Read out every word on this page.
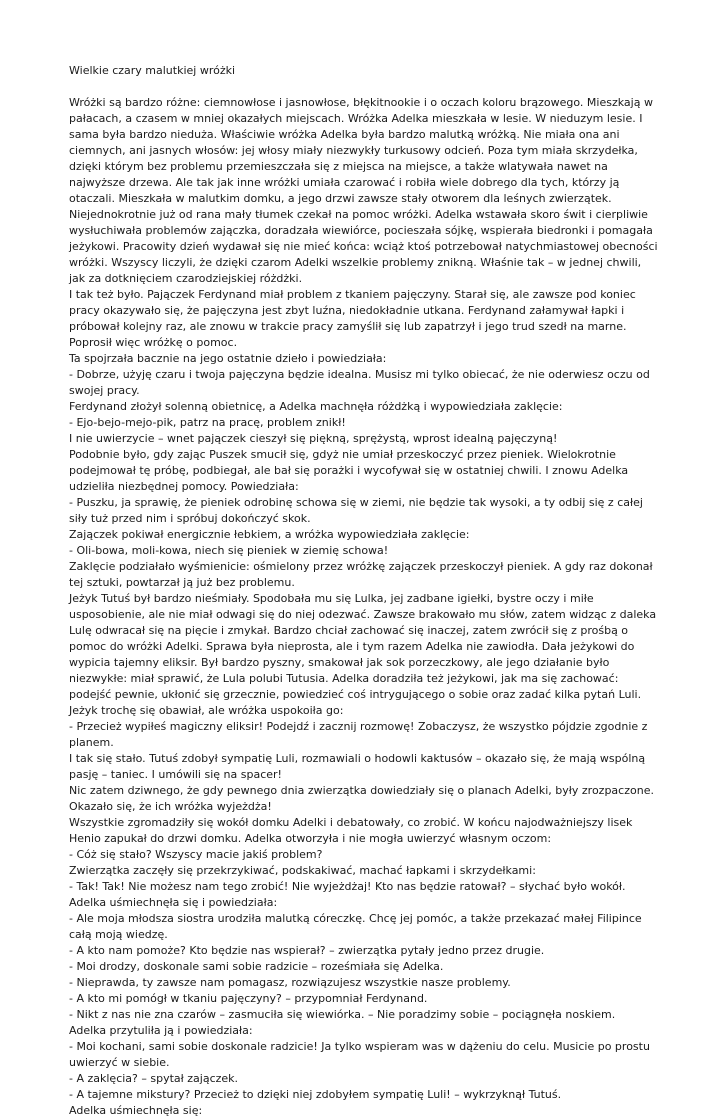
Wielkie czary malutkiej wróżki

Wróżki są bardzo różne: ciemnowłose i jasnowłose, błękitnookie i o oczach koloru brązowego. Mieszkają w pałacach, a czasem w mniej okazałych miejscach. Wróżka Adelka mieszkała w lesie. W nieduzym lesie. I sama była bardzo nieduża. Właściwie wróżka Adelka była bardzo malutką wróżką. Nie miała ona ani ciemnych, ani jasnych włosów: jej włosy miały niezwykły turkusowy odcień. Poza tym miała skrzydełka, dzięki którym bez problemu przemieszczała się z miejsca na miejsce, a także wlatywała nawet na najwyższe drzewa. Ale tak jak inne wróżki umiała czarować i robiła wiele dobrego dla tych, którzy ją otaczali. Mieszkała w malutkim domku, a jego drzwi zawsze stały otworem dla leśnych zwierzątek. Niejednokrotnie już od rana mały tłumek czekał na pomoc wróżki. Adelka wstawała skoro świt i cierpliwie wysłuchiwała problemów zajączka, doradzała wiewiórce, pocieszała sójkę, wspierała biedronki i pomagała jeżykowi. Pracowity dzień wydawał się nie mieć końca: wciąż ktoś potrzebował natychmiastowej obecności wróżki. Wszyscy liczyli, że dzięki czarom Adelki wszelkie problemy znikną. Właśnie tak – w jednej chwili, jak za dotknięciem czarodziejskiej różdżki.

I tak też było. Pajączek Ferdynand miał problem z tkaniem pajęczyny. Starał się, ale zawsze pod koniec pracy okazywało się, że pajęczyna jest zbyt luźna, niedokładnie utkana. Ferdynand załamywał łapki i próbował kolejny raz, ale znowu w trakcie pracy zamyślił się lub zapatrzył i jego trud szedł na marne. Poprosił więc wróżkę o pomoc.

Ta spojrzała bacznie na jego ostatnie dzieło i powiedziała:

- Dobrze, użyję czaru i twoja pajęczyna będzie idealna. Musisz mi tylko obiecać, że nie oderwiesz oczu od swojej pracy.

Ferdynand złożył solenną obietnicę, a Adelka machnęła różdżką i wypowiedziała zaklęcie:

- Ejo-bejo-mejo-pik, patrz na pracę, problem znikł!

I nie uwierzycie – wnet pajączek cieszył się piękną, sprężystą, wprost idealną pajęczyną!

Podobnie było, gdy zając Puszek smucił się, gdyż nie umiał przeskoczyć przez pieniek. Wielokrotnie podejmował tę próbę, podbiegał, ale bał się porażki i wycofywał się w ostatniej chwili. I znowu Adelka udzieliła niezbędnej pomocy. Powiedziała:

- Puszku, ja sprawię, że pieniek odrobinę schowa się w ziemi, nie będzie tak wysoki, a ty odbij się z całej siły tuż przed nim i spróbuj dokończyć skok.

Zajączek pokiwał energicznie łebkiem, a wróżka wypowiedziała zaklęcie:

- Oli-bowa, moli-kowa, niech się pieniek w ziemię schowa!

Zaklęcie podziałało wyśmienicie: ośmielony przez wróżkę zajączek przeskoczył pieniek. A gdy raz dokonał tej sztuki, powtarzał ją już bez problemu.

Jeżyk Tutuś był bardzo nieśmiały. Spodobała mu się Lulka, jej zadbane igiełki, bystre oczy i miłe usposobienie, ale nie miał odwagi się do niej odezwać. Zawsze brakowało mu słów, zatem widząc z daleka Lulę odwracał się na pięcie i zmykał. Bardzo chciał zachować się inaczej, zatem zwrócił się z prośbą o pomoc do wróżki Adelki. Sprawa była nieprosta, ale i tym razem Adelka nie zawiodła. Dała jeżykowi do wypicia tajemny eliksir. Był bardzo pyszny, smakował jak sok porzeczkowy, ale jego działanie było niezwykłe: miał sprawić, że Lula polubi Tutusia. Adelka doradziła też jeżykowi, jak ma się zachować: podejść pewnie, ukłonić się grzecznie, powiedzieć coś intrygującego o sobie oraz zadać kilka pytań Luli. Jeżyk trochę się obawiał, ale wróżka uspokoiła go:

- Przecież wypiłeś magiczny eliksir! Podejdź i zacznij rozmowę! Zobaczysz, że wszystko pójdzie zgodnie z planem.

I tak się stało. Tutuś zdobył sympatię Luli, rozmawiali o hodowli kaktusów – okazało się, że mają wspólną pasję – taniec. I umówili się na spacer!

Nic zatem dziwnego, że gdy pewnego dnia zwierzątka dowiedziały się o planach Adelki, były zrozpaczone. Okazało się, że ich wróżka wyjeżdża!

Wszystkie zgromadziły się wokół domku Adelki i debatowały, co zrobić. W końcu najodważniejszy lisek Henio zapukał do drzwi domku. Adelka otworzyła i nie mogła uwierzyć własnym oczom:

- Cóż się stało? Wszyscy macie jakiś problem?

Zwierzątka zaczęły się przekrzykiwać, podskakiwać, machać łapkami i skrzydełkami:

- Tak! Tak! Nie możesz nam tego zrobić! Nie wyjeżdżaj! Kto nas będzie ratował? – słychać było wokół.

Adelka uśmiechnęła się i powiedziała:

- Ale moja młodsza siostra urodziła malutką córeczkę. Chcę jej pomóc, a także przekazać małej Filipince całą moją wiedzę.

- A kto nam pomoże? Kto będzie nas wspierał? – zwierzątka pytały jedno przez drugie.

- Moi drodzy, doskonale sami sobie radzicie – roześmiała się Adelka.

- Nieprawda, ty zawsze nam pomagasz, rozwiązujesz wszystkie nasze problemy.

- A kto mi pomógł w tkaniu pajęczyny? – przypomniał Ferdynand.

- Nikt z nas nie zna czarów – zasmuciła się wiewiórka. – Nie poradzimy sobie – pociągnęła noskiem.

Adelka przytuliła ją i powiedziała:

- Moi kochani, sami sobie doskonale radzicie! Ja tylko wspieram was w dążeniu do celu. Musicie po prostu uwierzyć w siebie.

- A zaklęcia? – spytał zajączek.

- A tajemne mikstury? Przecież to dzięki niej zdobyłem sympatię Luli! – wykrzyknął Tutuś.

Adelka uśmiechnęła się:
